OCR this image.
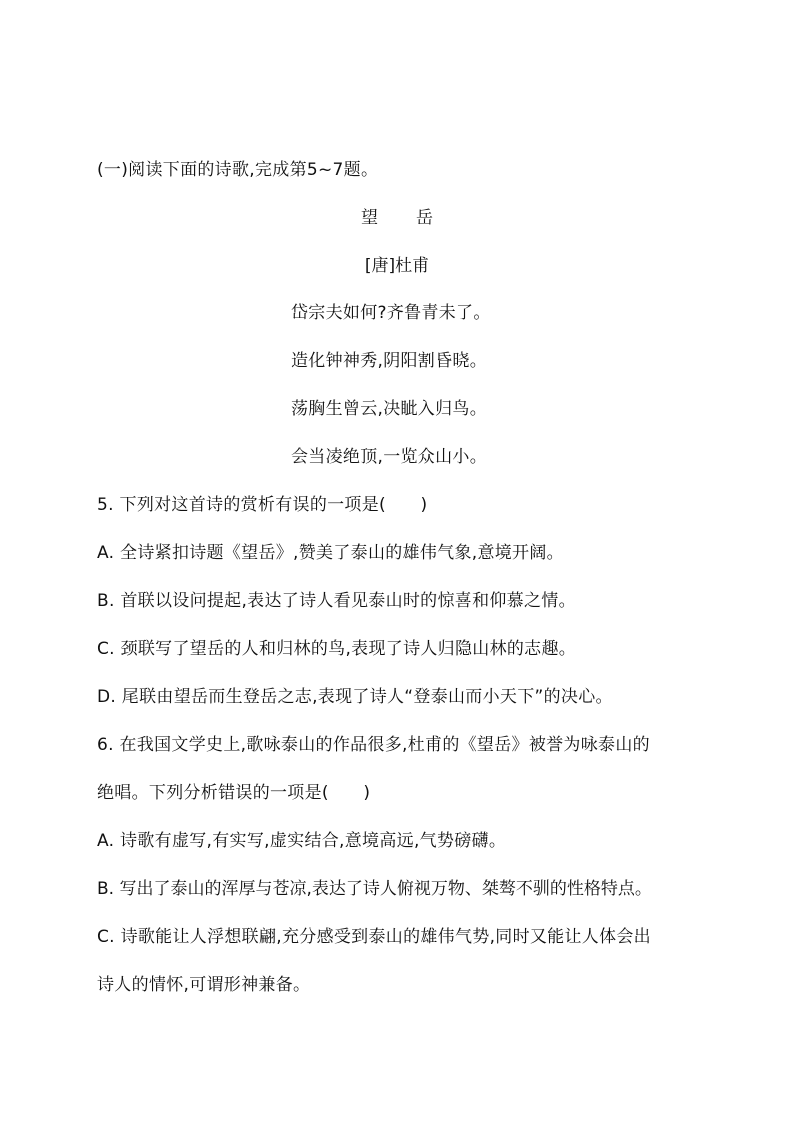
(一)阅读下面的诗歌,完成第5~7题。
望 岳
[唐]杜甫
岱宗夫如何?齐鲁青未了。
造化钟神秀,阴阳割昏晓。
荡胸生曾云,决眦入归鸟。
会当凌绝顶,一览众山小。
5. 下列对这首诗的赏析有误的一项是(　　)
A. 全诗紧扣诗题《望岳》,赞美了泰山的雄伟气象,意境开阔。
B. 首联以设问提起,表达了诗人看见泰山时的惊喜和仰慕之情。
C. 颈联写了望岳的人和归林的鸟,表现了诗人归隐山林的志趣。
D. 尾联由望岳而生登岳之志,表现了诗人“登泰山而小天下”的决心。
6. 在我国文学史上,歌咏泰山的作品很多,杜甫的《望岳》被誉为咏泰山的
绝唱。下列分析错误的一项是(　　)
A. 诗歌有虚写,有实写,虚实结合,意境高远,气势磅礴。
B. 写出了泰山的浑厚与苍凉,表达了诗人俯视万物、桀骜不驯的性格特点。
C. 诗歌能让人浮想联翩,充分感受到泰山的雄伟气势,同时又能让人体会出
诗人的情怀,可谓形神兼备。
